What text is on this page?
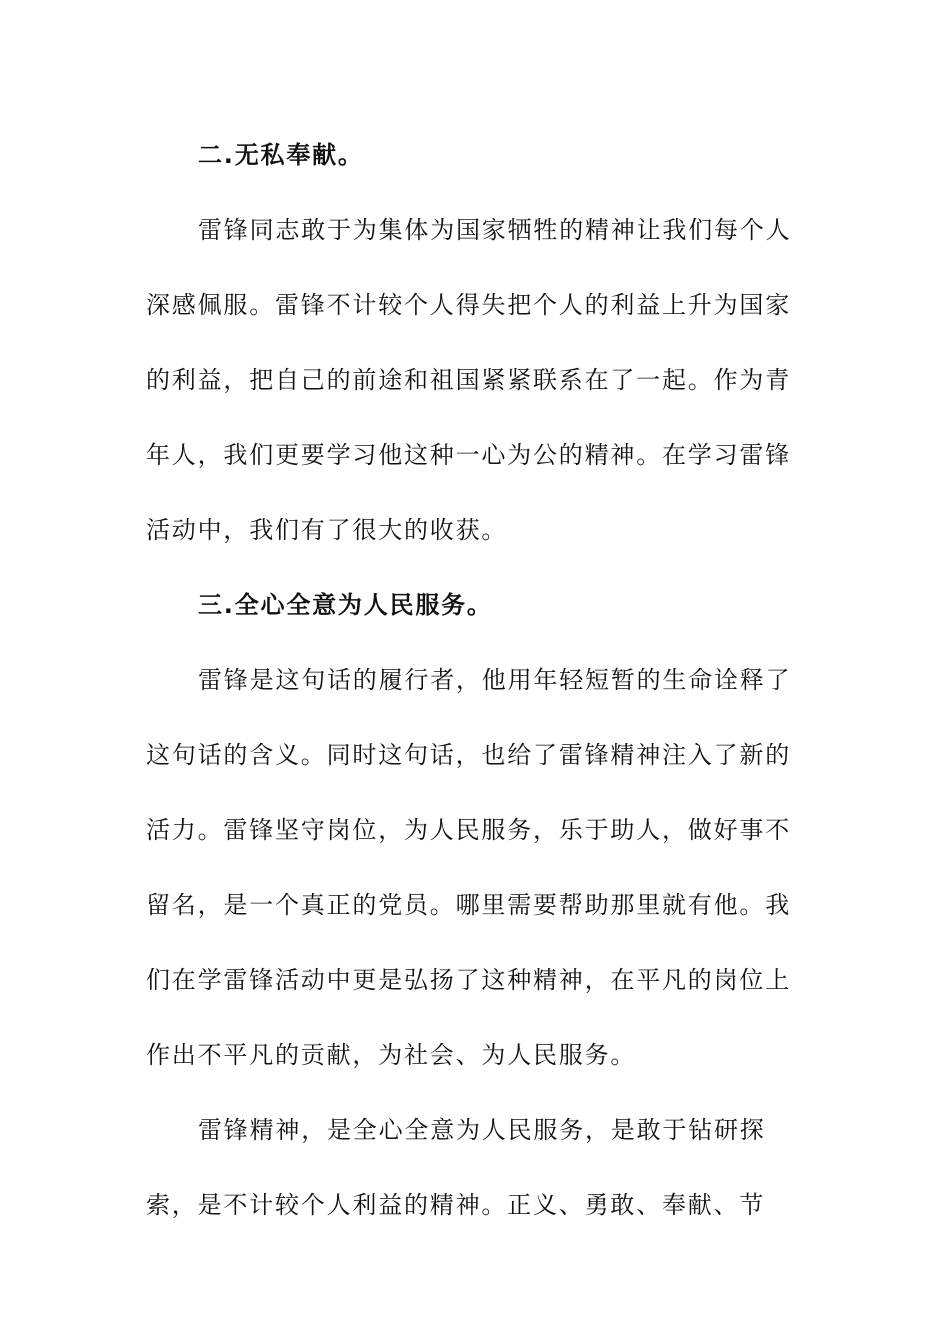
二.无私奉献。
雷锋同志敢于为集体为国家牺牲的精神让我们每个人
深感佩服。雷锋不计较个人得失把个人的利益上升为国家
的利益，把自己的前途和祖国紧紧联系在了一起。作为青
年人，我们更要学习他这种一心为公的精神。在学习雷锋
活动中，我们有了很大的收获。
三.全心全意为人民服务。
雷锋是这句话的履行者，他用年轻短暂的生命诠释了
这句话的含义。同时这句话，也给了雷锋精神注入了新的
活力。雷锋坚守岗位，为人民服务，乐于助人，做好事不
留名，是一个真正的党员。哪里需要帮助那里就有他。我
们在学雷锋活动中更是弘扬了这种精神，在平凡的岗位上
作出不平凡的贡献，为社会、为人民服务。
雷锋精神，是全心全意为人民服务，是敢于钻研探
索，是不计较个人利益的精神。正义、勇敢、奉献、节
